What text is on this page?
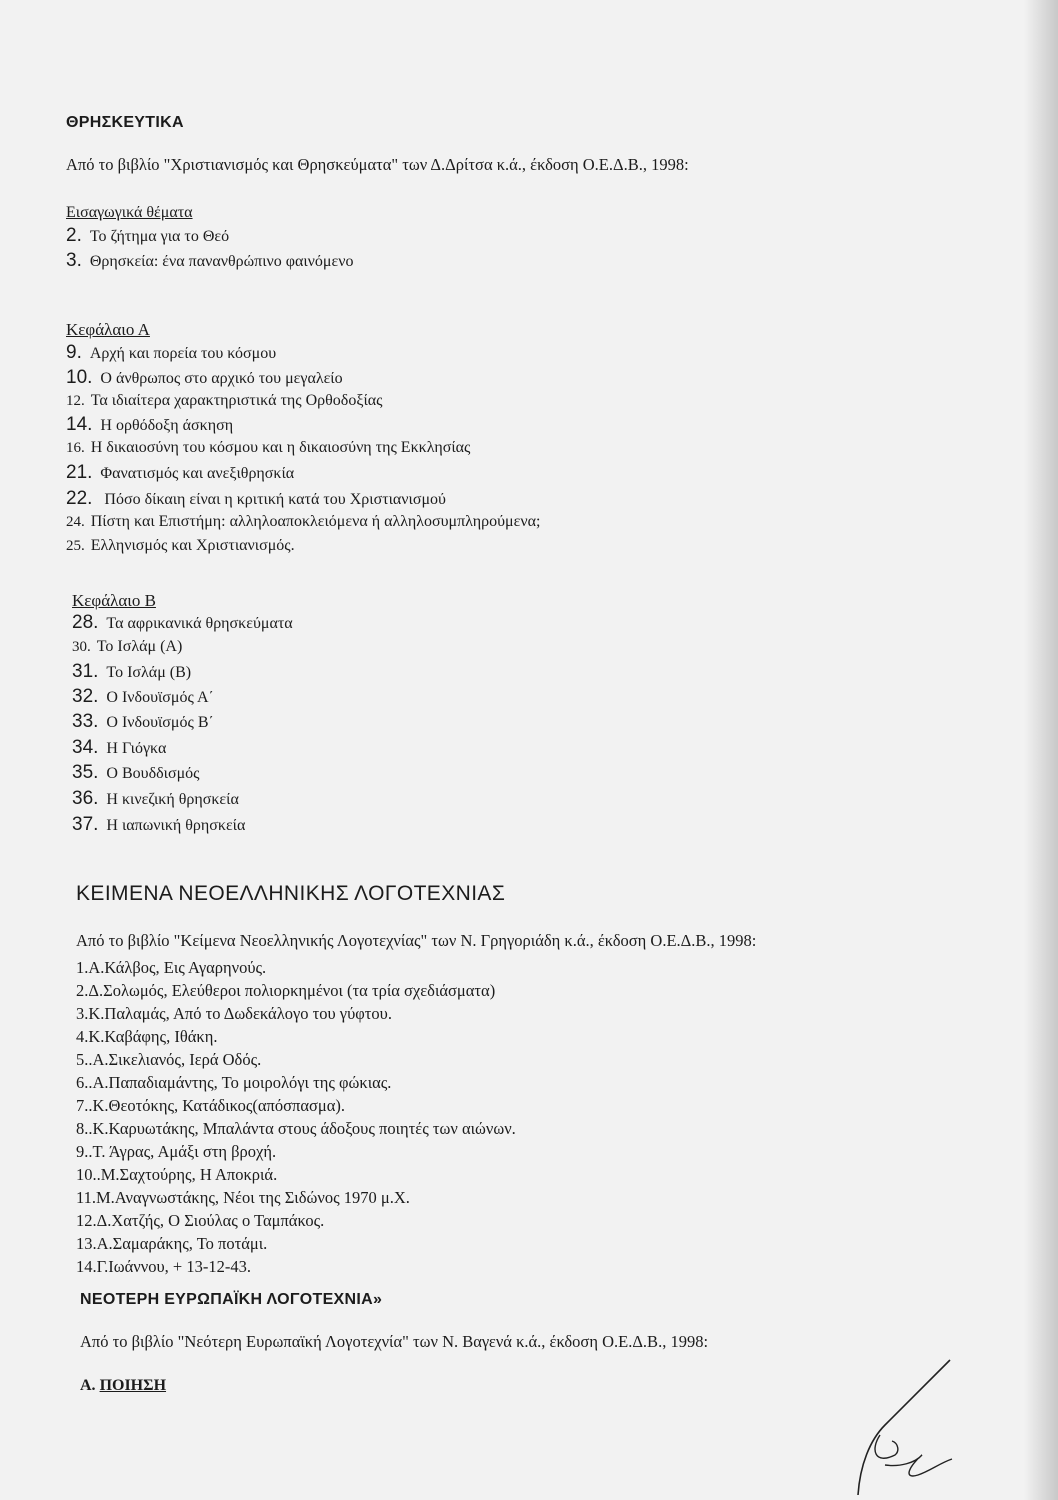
ΘΡΗΣΚΕΥΤΙΚΑ
Από το βιβλίο "Χριστιανισμός και Θρησκεύματα" των Δ.Δρίτσα κ.ά., έκδοση Ο.Ε.Δ.Β., 1998:
Εισαγωγικά θέματα
2. Το ζήτημα για το Θεό
3. Θρησκεία: ένα πανανθρώπινο φαινόμενο
Κεφάλαιο Α
9. Αρχή και πορεία του κόσμου
10. Ο άνθρωπος στο αρχικό του μεγαλείο
12. Τα ιδιαίτερα χαρακτηριστικά της Ορθοδοξίας
14. Η ορθόδοξη άσκηση
16. Η δικαιοσύνη του κόσμου και η δικαιοσύνη της Εκκλησίας
21. Φανατισμός και ανεξιθρησκία
22. Πόσο δίκαιη είναι η κριτική κατά του Χριστιανισμού
24. Πίστη και Επιστήμη: αλληλοαποκλειόμενα ή αλληλοσυμπληρούμενα;
25. Ελληνισμός και Χριστιανισμός.
Κεφάλαιο Β
28. Τα αφρικανικά θρησκεύματα
30. Το Ισλάμ (Α)
31. Το Ισλάμ (Β)
32. Ο Ινδουϊσμός Α΄
33. Ο Ινδουϊσμός Β΄
34. Η Γιόγκα
35. Ο Βουδδισμός
36. Η κινεζική θρησκεία
37. Η ιαπωνική θρησκεία
ΚΕΙΜΕΝΑ ΝΕΟΕΛΛΗΝΙΚΗΣ ΛΟΓΟΤΕΧΝΙΑΣ
Από το βιβλίο "Κείμενα Νεοελληνικής Λογοτεχνίας" των Ν. Γρηγοριάδη κ.ά., έκδοση Ο.Ε.Δ.Β., 1998:
1.Α.Κάλβος, Εις Αγαρηνούς.
2.Δ.Σολωμός, Ελεύθεροι πολιορκημένοι (τα τρία σχεδιάσματα)
3.Κ.Παλαμάς, Από το Δωδεκάλογο του γύφτου.
4.Κ.Καβάφης, Ιθάκη.
5..Α.Σικελιανός, Ιερά Οδός.
6..Α.Παπαδιαμάντης, Το μοιρολόγι της φώκιας.
7..Κ.Θεοτόκης, Κατάδικος(απόσπασμα).
8..Κ.Καρυωτάκης, Μπαλάντα στους άδοξους ποιητές των αιώνων.
9..Τ. Άγρας, Αμάξι στη βροχή.
10..Μ.Σαχτούρης, Η Αποκριά.
11.Μ.Αναγνωστάκης, Νέοι της Σιδώνος 1970 μ.Χ.
12.Δ.Χατζής, Ο Σιούλας ο Ταμπάκος.
13.Α.Σαμαράκης, Το ποτάμι.
14.Γ.Ιωάννου, + 13-12-43.
ΝΕΟΤΕΡΗ ΕΥΡΩΠΑΪΚΗ ΛΟΓΟΤΕΧΝΙΑ»
Από το βιβλίο "Νεότερη Ευρωπαϊκή Λογοτεχνία" των Ν. Βαγενά κ.ά., έκδοση Ο.Ε.Δ.Β., 1998:
Α. ΠΟΙΗΣΗ
